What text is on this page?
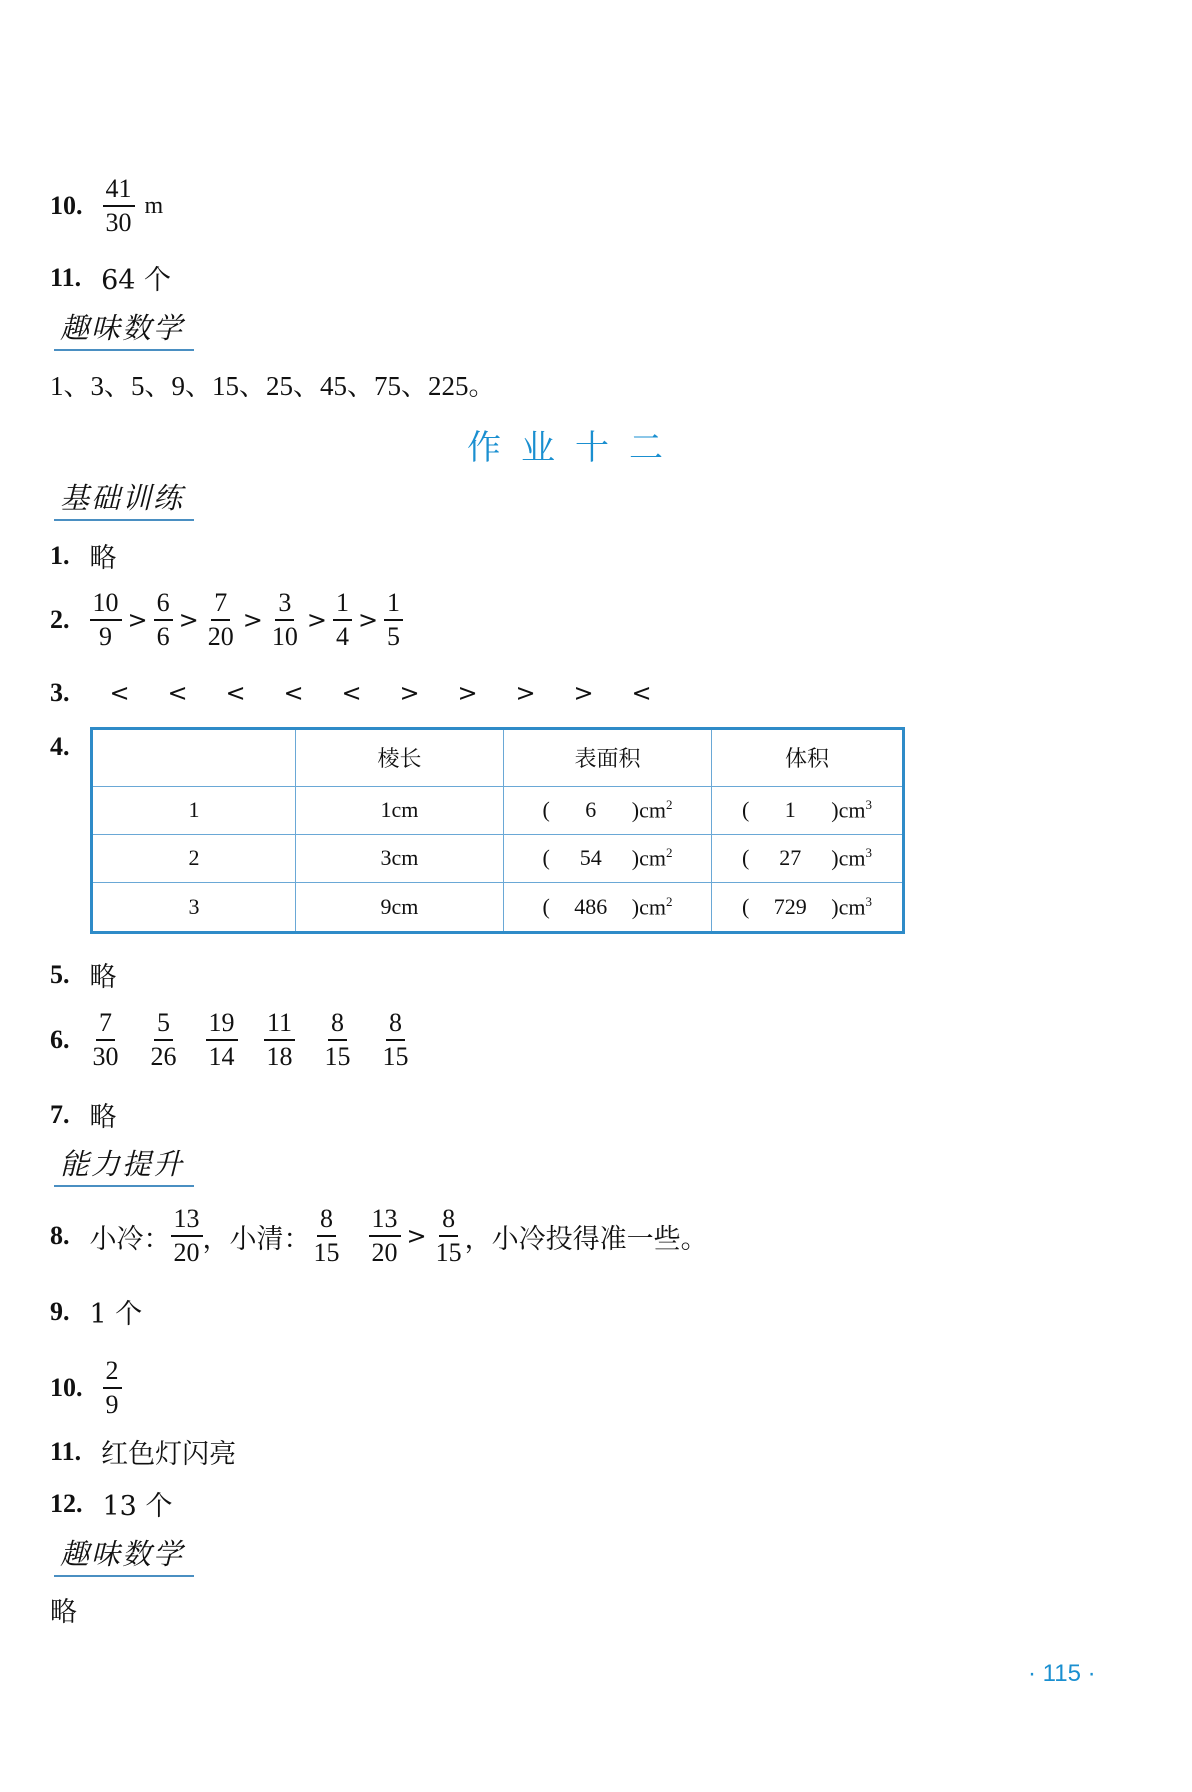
10. $\frac{41}{30}$ m
11. 64 个
趣味数学
1、3、5、9、15、25、45、75、225。
作业十二
基础训练
1. 略
2. $\frac{10}{9} > \frac{6}{6} > \frac{7}{20} > \frac{3}{10} > \frac{1}{4} > \frac{1}{5}$
3. <	<	<	<	<	>	>	>	>	<
4.
		棱长	表面积	体积
1	1cm	( 6 )$cm^2$	( 1 )$cm^3$

2	3cm	( 54 )$cm^2$	( 27 )$cm^3$

3	9cm	( 486 )$cm^2$	( 729 )$cm^3$
5. 略
6. $\frac{7}{30} \frac{5}{26} \frac{19}{14} \frac{11}{18} \frac{8}{15} \frac{8}{15}$
7. 略
能力提升
8. 小冷： $\frac{13}{20}$ ，小清： $\frac{8}{15} \frac{13}{20} > \frac{8}{15}$ ，小冷投得准一些。
9. 1 个
10. $\frac{2}{9}$
11. 红色灯闪亮
12. 13 个
趣味数学
略
· 115 ·
